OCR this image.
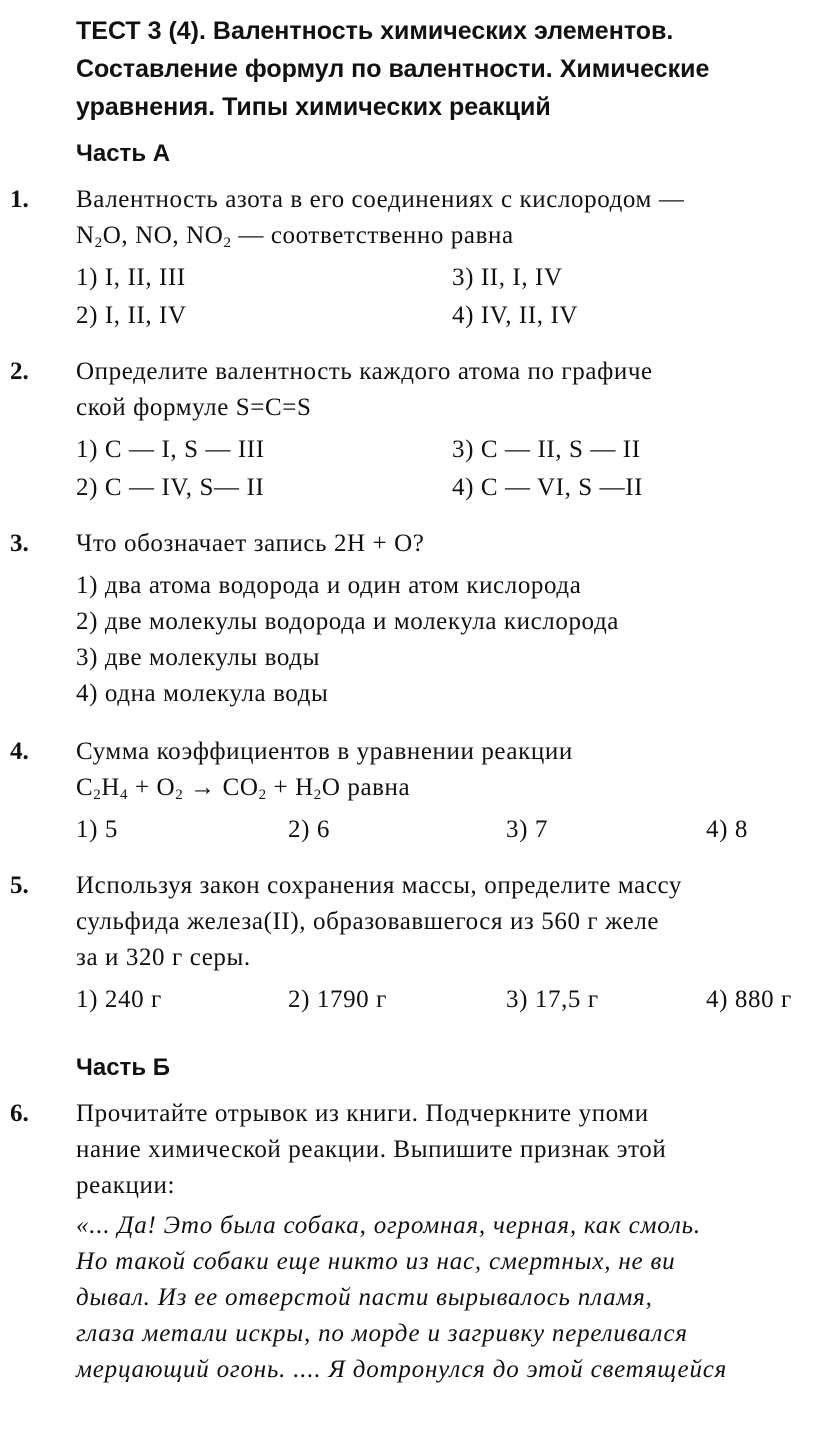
ТЕСТ 3 (4). Валентность химических элементов.
Составление формул по валентности. Химические
уравнения. Типы химических реакций
Часть А
1. Валентность азота в его соединениях с кислородом —
$N_2O$, NO, $NO_2$ — соответственно равна
1) I, II, III	3) II, I, IV
2) I, II, IV	4) IV, II, IV
2. Определите валентность каждого атома по графиче
ской формуле S=C=S
1) C — I, S — III	3) C — II, S — II
2) C — IV, S— II	4) C — VI, S —II
3. Что обозначает запись 2H + O?
1) два атома водорода и один атом кислорода
2) две молекулы водорода и молекула кислорода
3) две молекулы воды
4) одна молекула воды
4. Сумма коэффициентов в уравнении реакции
$C_2H_4 + O_2 \to CO_2 + H_2O$ равна
1) 5	2) 6	3) 7	4) 8
5. Используя закон сохранения массы, определите массу
сульфида железа(II), образовавшегося из 560 г желе
за и 320 г серы.
1) 240 г	2) 1790 г	3) 17,5 г	4) 880 г
Часть Б
6. Прочитайте отрывок из книги. Подчеркните упоми
нание химической реакции. Выпишите признак этой
реакции:
«... Да! Это была собака, огромная, черная, как смоль.
Но такой собаки еще никто из нас, смертных, не ви
дывал. Из ее отверстой пасти вырывалось пламя,
глаза метали искры, по морде и загривку переливался
мерцающий огонь. .... Я дотронулся до этой светящейся
